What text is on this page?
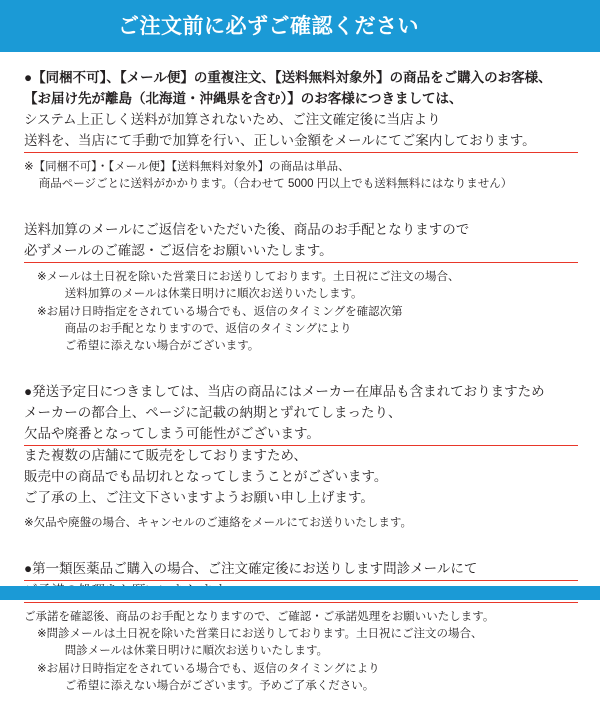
ご注文前に必ずご確認ください
●【同梱不可】、【メール便】の重複注文、【送料無料対象外】の商品をご購入のお客様、
【お届け先が離島（北海道・沖縄県を含む）】のお客様につきましては、
システム上正しく送料が加算されないため、ご注文確定後に当店より
送料を、当店にて手動で加算を行い、正しい金額をメールにてご案内しております。
※【同梱不可】・【メール便】【送料無料対象外】の商品は単品、
　 商品ページごとに送料がかかります。（合わせて 5000 円以上でも送料無料にはなりません）
送料加算のメールにご返信をいただいた後、商品のお手配となりますので
必ずメールのご確認・ご返信をお願いいたします。
※メールは土日祝を除いた営業日にお送りしております。土日祝にご注文の場合、
　 送料加算のメールは休業日明けに順次お送りいたします。
※お届け日時指定をされている場合でも、返信のタイミングを確認次第
　 商品のお手配となりますので、返信のタイミングにより
　 ご希望に添えない場合がございます。
●発送予定日につきましては、当店の商品にはメーカー在庫品も含まれておりますため
メーカーの都合上、ページに記載の納期とずれてしまったり、
欠品や廃番となってしまう可能性がございます。
また複数の店舗にて販売をしておりますため、
販売中の商品でも品切れとなってしまうことがございます。
ご了承の上、ご注文下さいますようお願い申し上げます。
※欠品や廃盤の場合、キャンセルのご連絡をメールにてお送りいたします。
●第一類医薬品ご購入の場合、ご注文確定後にお送りします問診メールにて
ご承諾を確認後、商品のお手配となりますので、ご確認・ご承諾処理をお願いいたします。
※問診メールは土日祝を除いた営業日にお送りしております。土日祝にご注文の場合、
　 問診メールは休業日明けに順次お送りいたします。
※お届け日時指定をされている場合でも、返信のタイミングにより
　 ご希望に添えない場合がございます。予めご了承ください。
